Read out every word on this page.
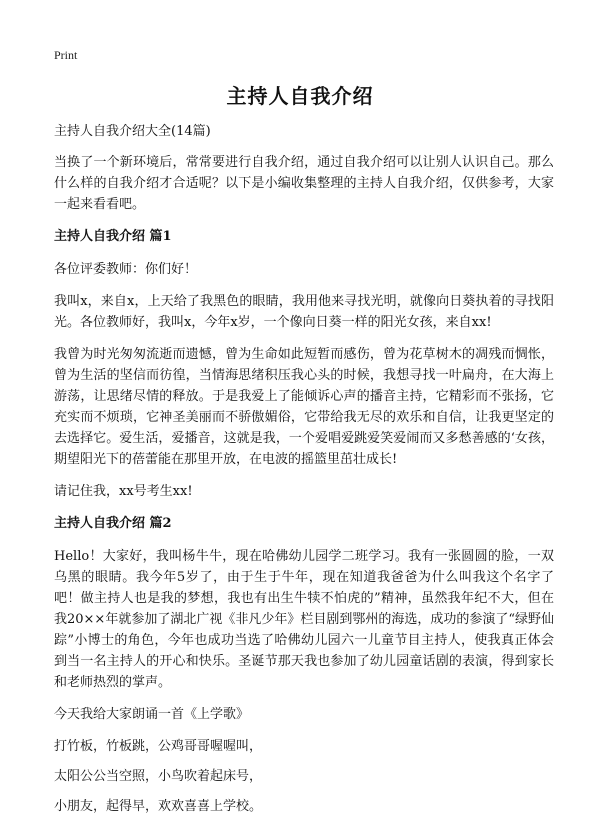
Print
主持人自我介绍

主持人自我介绍大全(14篇)

当换了一个新环境后，常常要进行自我介绍，通过自我介绍可以让别人认识自己。那么什么样的自我介绍才合适呢？以下是小编收集整理的主持人自我介绍，仅供参考，大家一起来看看吧。

主持人自我介绍 篇1

各位评委教师：你们好！

我叫x，来自x，上天给了我黑色的眼睛，我用他来寻找光明，就像向日葵执着的寻找阳光。各位教师好，我叫x，今年x岁，一个像向日葵一样的阳光女孩，来自xx!

我曾为时光匆匆流逝而遗憾，曾为生命如此短暂而感伤，曾为花草树木的凋残而惆怅，曾为生活的坚信而彷徨，当情海思绪积压我心头的时候，我想寻找一叶扁舟，在大海上游荡，让思绪尽情的释放。于是我爱上了能倾诉心声的播音主持，它精彩而不张扬，它充实而不烦琐，它神圣美丽而不骄傲媚俗，它带给我无尽的欢乐和自信，让我更坚定的去选择它。爱生活，爱播音，这就是我，一个爱唱爱跳爱笑爱闹而又多愁善感的‘女孩，期望阳光下的蓓蕾能在那里开放，在电波的摇篮里茁壮成长!

请记住我，xx号考生xx!

主持人自我介绍 篇2

Hello！大家好，我叫杨牛牛，现在哈佛幼儿园学二班学习。我有一张圆圆的脸，一双乌黑的眼睛。我今年5岁了，由于生于牛年，现在知道我爸爸为什么叫我这个名字了吧！做主持人也是我的梦想，我也有出生牛犊不怕虎的”精神，虽然我年纪不大，但在我20××年就参加了湖北广视《非凡少年》栏目剧到鄂州的海选，成功的参演了“绿野仙踪”小博士的角色，今年也成功当选了哈佛幼儿园六一儿童节目主持人，使我真正体会到当一名主持人的开心和快乐。圣诞节那天我也参加了幼儿园童话剧的表演，得到家长和老师热烈的掌声。

今天我给大家朗诵一首《上学歌》

打竹板，竹板跳，公鸡哥哥喔喔叫，

太阳公公当空照，小鸟吹着起床号，

小朋友，起得早，欢欢喜喜上学校。
